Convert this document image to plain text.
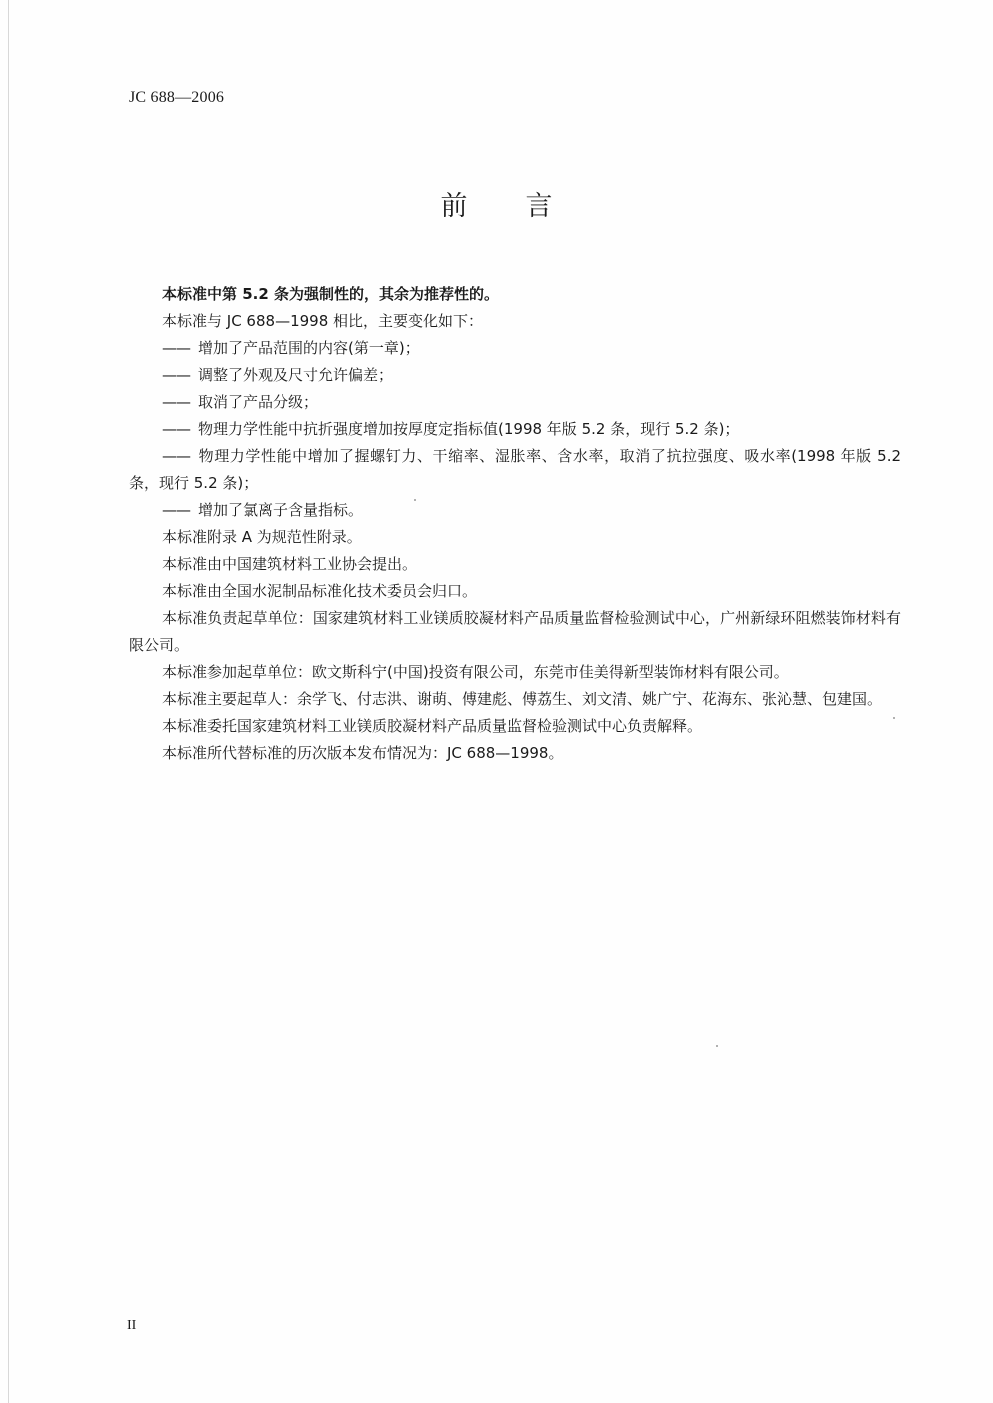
JC 688—2006
前言

本标准中第 5.2 条为强制性的，其余为推荐性的。

本标准与 JC 688—1998 相比，主要变化如下：

—— 增加了产品范围的内容(第一章)；

—— 调整了外观及尺寸允许偏差；

—— 取消了产品分级；

—— 物理力学性能中抗折强度增加按厚度定指标值(1998 年版 5.2 条，现行 5.2 条)；

—— 物理力学性能中增加了握螺钉力、干缩率、湿胀率、含水率，取消了抗拉强度、吸水率(1998 年版 5.2 条，现行 5.2 条)；

—— 增加了氯离子含量指标。

本标准附录 A 为规范性附录。

本标准由中国建筑材料工业协会提出。

本标准由全国水泥制品标准化技术委员会归口。

本标准负责起草单位：国家建筑材料工业镁质胶凝材料产品质量监督检验测试中心，广州新绿环阻燃装饰材料有限公司。

本标准参加起草单位：欧文斯科宁(中国)投资有限公司，东莞市佳美得新型装饰材料有限公司。

本标准主要起草人：余学飞、付志洪、谢萌、傅建彪、傅荔生、刘文清、姚广宁、花海东、张沁慧、包建国。

本标准委托国家建筑材料工业镁质胶凝材料产品质量监督检验测试中心负责解释。

本标准所代替标准的历次版本发布情况为：JC 688—1998。

II
